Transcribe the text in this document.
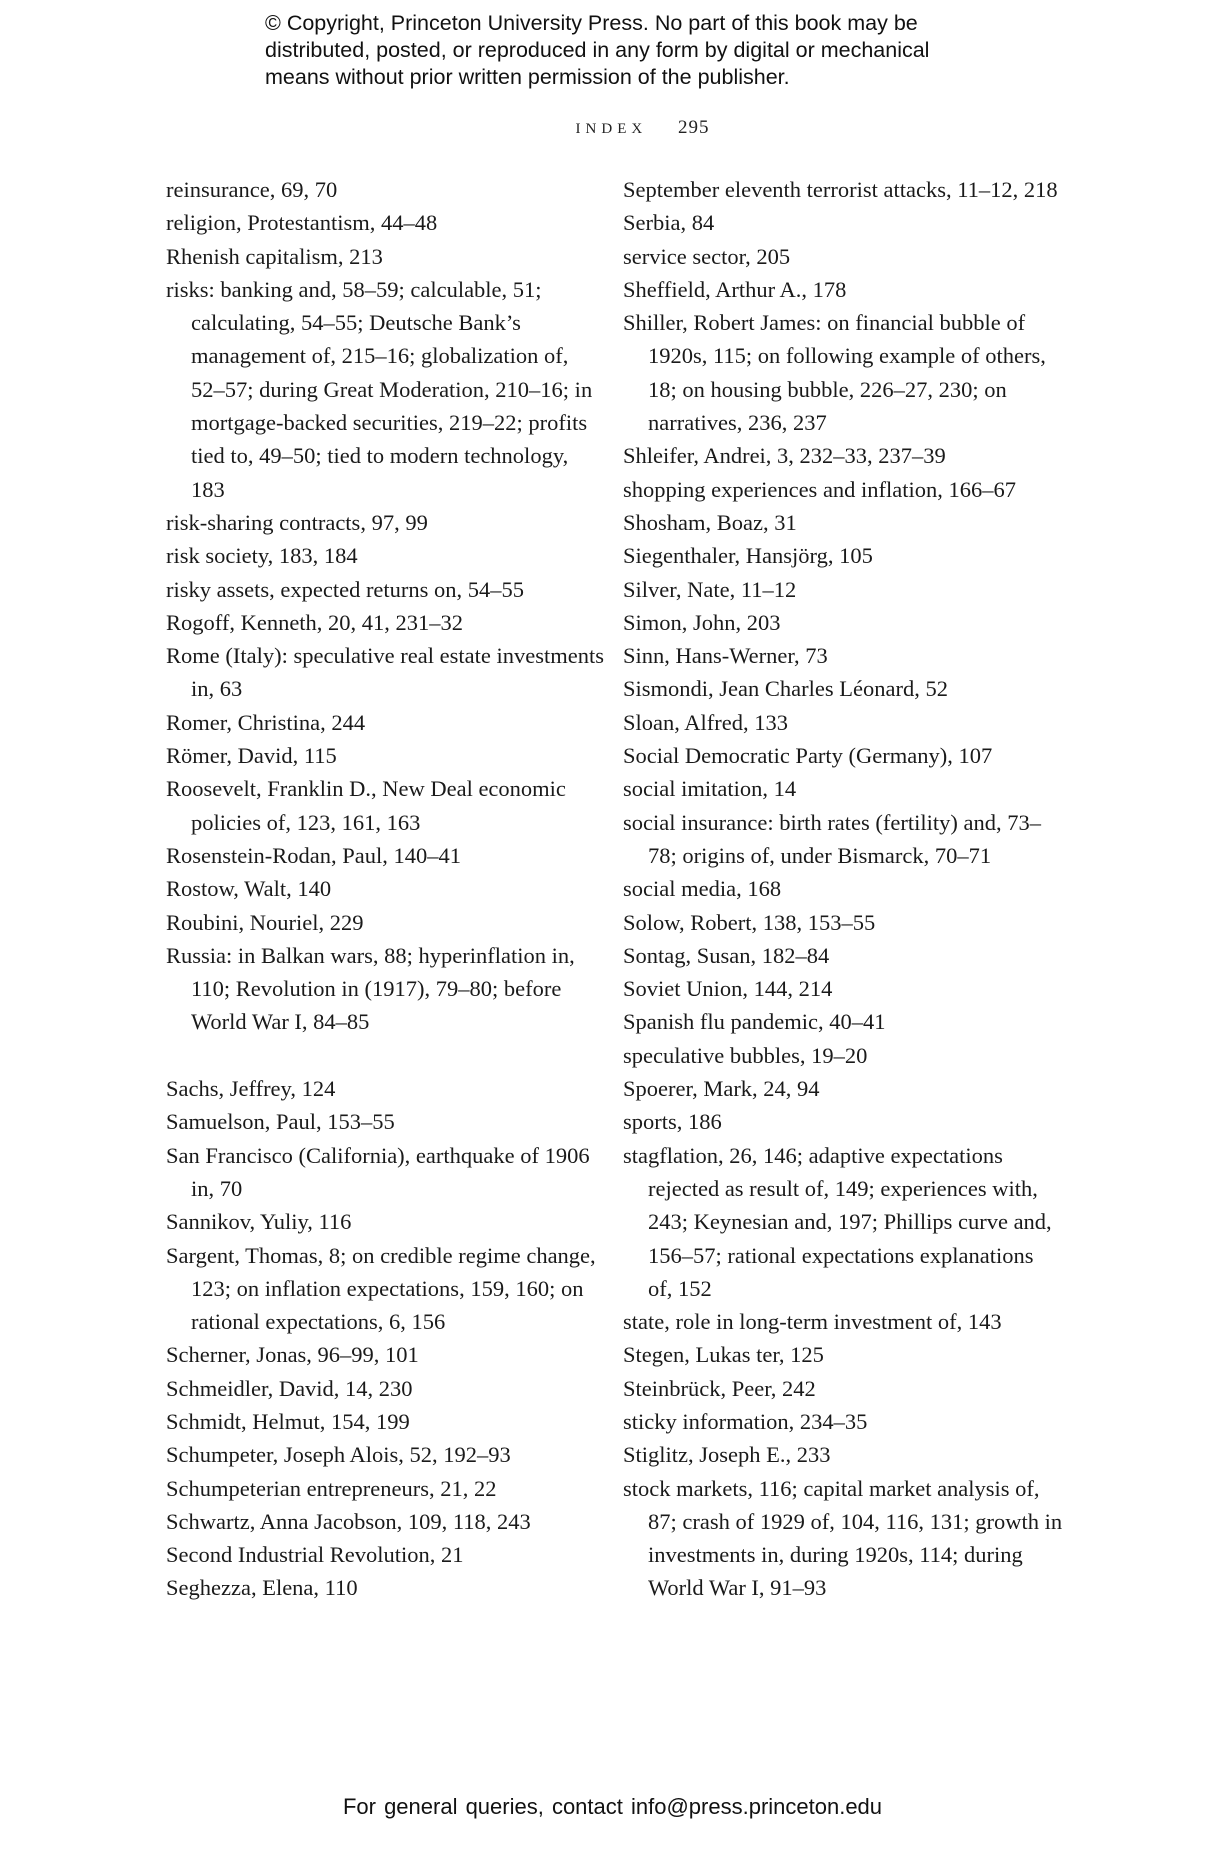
© Copyright, Princeton University Press. No part of this book may be
distributed, posted, or reproduced in any form by digital or mechanical
means without prior written permission of the publisher.
index 295

reinsurance, 69, 70

religion, Protestantism, 44–48

Rhenish capitalism, 213

risks: banking and, 58–59; calculable, 51; calculating, 54–55; Deutsche Bank’s management of, 215–16; globalization of, 52–57; during Great Moderation, 210–16; in mortgage-backed securities, 219–22; profits tied to, 49–50; tied to modern technology, 183

risk-sharing contracts, 97, 99

risk society, 183, 184

risky assets, expected returns on, 54–55

Rogoff, Kenneth, 20, 41, 231–32

Rome (Italy): speculative real estate investments in, 63

Romer, Christina, 244

Römer, David, 115

Roosevelt, Franklin D., New Deal economic policies of, 123, 161, 163

Rosenstein-Rodan, Paul, 140–41

Rostow, Walt, 140

Roubini, Nouriel, 229

Russia: in Balkan wars, 88; hyperinflation in, 110; Revolution in (1917), 79–80; before World War I, 84–85

Sachs, Jeffrey, 124

Samuelson, Paul, 153–55

San Francisco (California), earthquake of 1906 in, 70

Sannikov, Yuliy, 116

Sargent, Thomas, 8; on credible regime change, 123; on inflation expectations, 159, 160; on rational expectations, 6, 156

Scherner, Jonas, 96–99, 101

Schmeidler, David, 14, 230

Schmidt, Helmut, 154, 199

Schumpeter, Joseph Alois, 52, 192–93

Schumpeterian entrepreneurs, 21, 22

Schwartz, Anna Jacobson, 109, 118, 243

Second Industrial Revolution, 21

Seghezza, Elena, 110

September eleventh terrorist attacks, 11–12, 218

Serbia, 84

service sector, 205

Sheffield, Arthur A., 178

Shiller, Robert James: on financial bubble of 1920s, 115; on following example of others, 18; on housing bubble, 226–27, 230; on narratives, 236, 237

Shleifer, Andrei, 3, 232–33, 237–39

shopping experiences and inflation, 166–67

Shosham, Boaz, 31

Siegenthaler, Hansjörg, 105

Silver, Nate, 11–12

Simon, John, 203

Sinn, Hans-Werner, 73

Sismondi, Jean Charles Léonard, 52

Sloan, Alfred, 133

Social Democratic Party (Germany), 107

social imitation, 14

social insurance: birth rates (fertility) and, 73–78; origins of, under Bismarck, 70–71

social media, 168

Solow, Robert, 138, 153–55

Sontag, Susan, 182–84

Soviet Union, 144, 214

Spanish flu pandemic, 40–41

speculative bubbles, 19–20

Spoerer, Mark, 24, 94

sports, 186

stagflation, 26, 146; adaptive expectations rejected as result of, 149; experiences with, 243; Keynesian and, 197; Phillips curve and, 156–57; rational expectations explanations of, 152

state, role in long-term investment of, 143

Stegen, Lukas ter, 125

Steinbrück, Peer, 242

sticky information, 234–35

Stiglitz, Joseph E., 233

stock markets, 116; capital market analysis of, 87; crash of 1929 of, 104, 116, 131; growth in investments in, during 1920s, 114; during World War I, 91–93

For general queries, contact info@press.princeton.edu
